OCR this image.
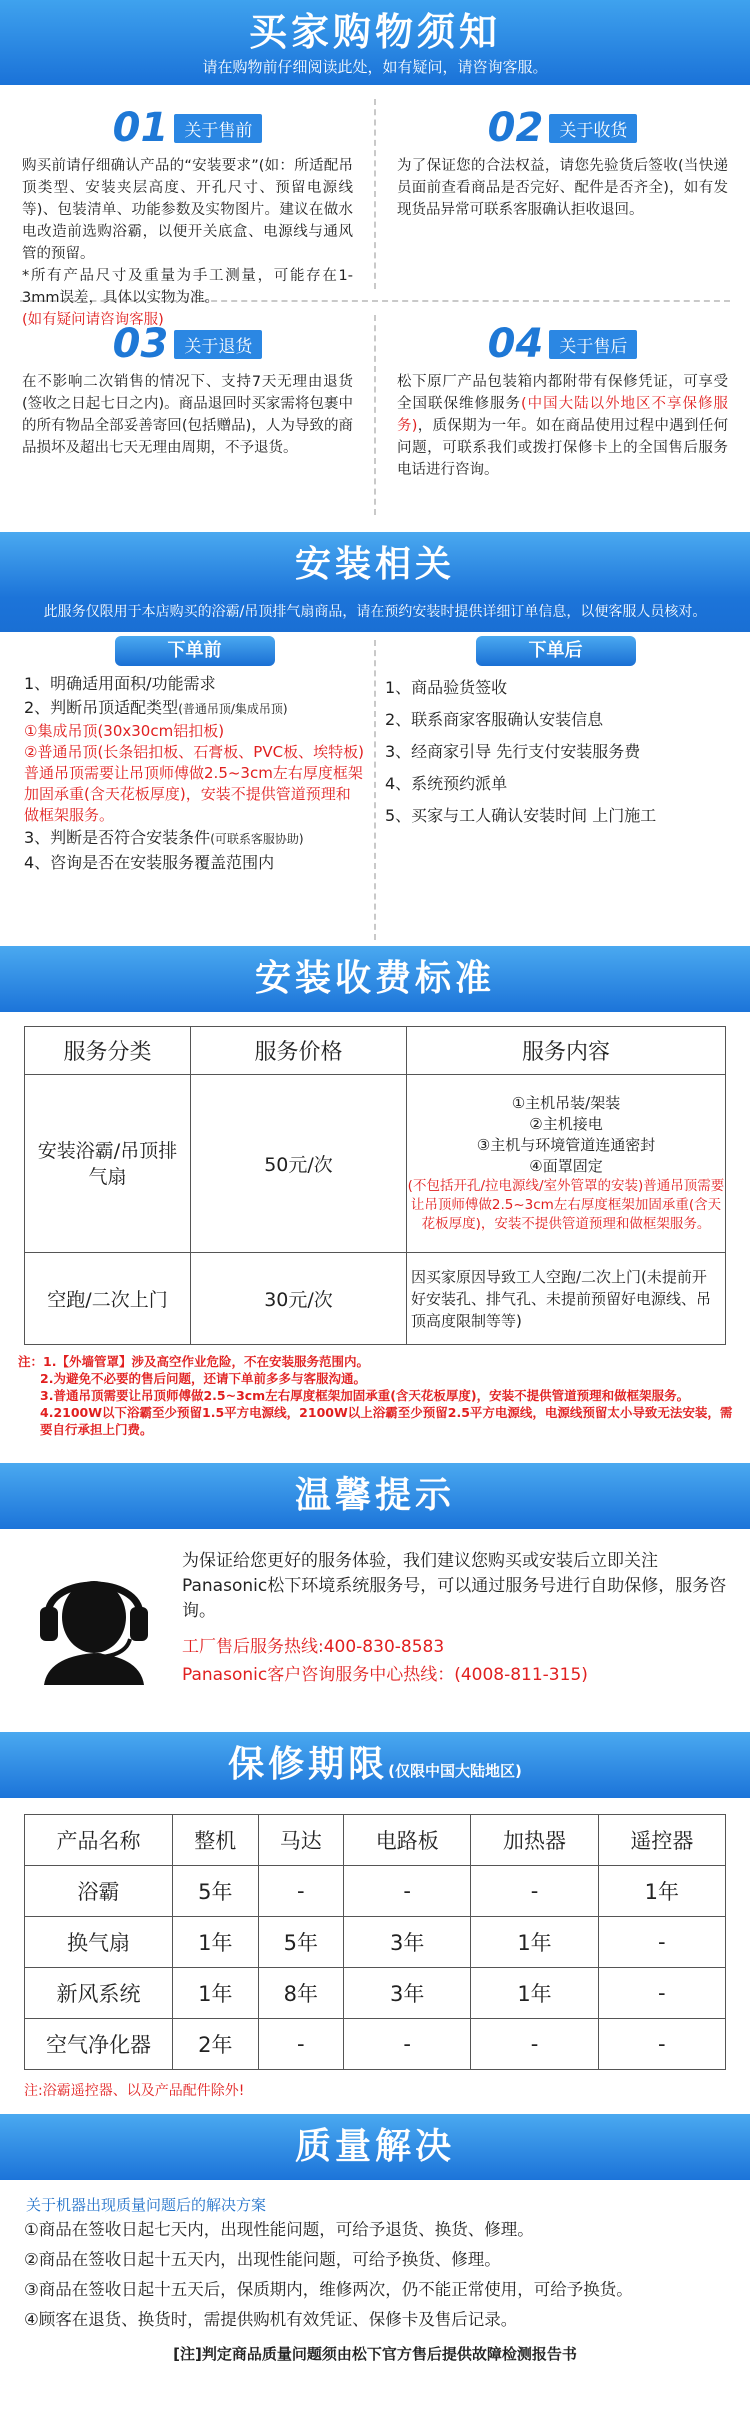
买家购物须知
请在购物前仔细阅读此处，如有疑问，请咨询客服。
01 关于售前

购买前请仔细确认产品的“安装要求”(如：所适配吊顶类型、安装夹层高度、开孔尺寸、预留电源线等)、包装清单、功能参数及实物图片。建议在做水电改造前选购浴霸，以便开关底盒、电源线与通风管的预留。

*所有产品尺寸及重量为手工测量，可能存在1-3mm误差，具体以实物为准。

(如有疑问请咨询客服)

02 关于收货

为了保证您的合法权益，请您先验货后签收(当快递员面前查看商品是否完好、配件是否齐全)，如有发现货品异常可联系客服确认拒收退回。

03 关于退货

在不影响二次销售的情况下、支持7天无理由退货(签收之日起七日之内)。商品退回时买家需将包裹中的所有物品全部妥善寄回(包括赠品)，人为导致的商品损坏及超出七天无理由周期，不予退货。

04 关于售后

松下原厂产品包装箱内都附带有保修凭证，可享受全国联保维修服务(中国大陆以外地区不享保修服务)，质保期为一年。如在商品使用过程中遇到任何问题，可联系我们或拨打保修卡上的全国售后服务电话进行咨询。

安装相关
此服务仅限用于本店购买的浴霸/吊顶排气扇商品，请在预约安装时提供详细订单信息，以便客服人员核对。
下单前

1、明确适用面积/功能需求

2、判断吊顶适配类型(普通吊顶/集成吊顶)

①集成吊顶(30x30cm铝扣板)

②普通吊顶(长条铝扣板、石膏板、PVC板、埃特板)

普通吊顶需要让吊顶师傅做2.5~3cm左右厚度框架加固承重(含天花板厚度)，安装不提供管道预理和做框架服务。

3、判断是否符合安装条件(可联系客服协助)

4、咨询是否在安装服务覆盖范围内

下单后

1、商品验货签收

2、联系商家客服确认安装信息

3、经商家引导 先行支付安装服务费

4、系统预约派单

5、买家与工人确认安装时间 上门施工

安装收费标准
服务分类	服务价格	服务内容
安装浴霸/吊顶排气扇	50元/次	①主机吊装/架装
②主机接电
③主机与环境管道连通密封
④面罩固定
(不包括开孔/拉电源线/室外管罩的安装)普通吊顶需要让吊顶师傅做2.5~3cm左右厚度框架加固承重(含天花板厚度)，安装不提供管道预理和做框架服务。

空跑/二次上门	30元/次	因买家原因导致工人空跑/二次上门(未提前开好安装孔、排气孔、未提前预留好电源线、吊顶高度限制等等)
注：1.【外墙管罩】涉及高空作业危险，不在安装服务范围内。
2.为避免不必要的售后问题，还请下单前多多与客服沟通。
3.普通吊顶需要让吊顶师傅做2.5~3cm左右厚度框架加固承重(含天花板厚度)，安装不提供管道预理和做框架服务。
4.2100W以下浴霸至少预留1.5平方电源线，2100W以上浴霸至少预留2.5平方电源线，电源线预留太小导致无法安装，需要自行承担上门费。
温馨提示

为保证给您更好的服务体验，我们建议您购买或安装后立即关注Panasonic松下环境系统服务号，可以通过服务号进行自助保修，服务咨询。

工厂售后服务热线:400-830-8583

Panasonic客户咨询服务中心热线：(4008-811-315)

保修期限(仅限中国大陆地区)
产品名称	整机	马达	电路板	加热器	遥控器
浴霸	5年	-	-	-	1年
换气扇	1年	5年	3年	1年	-
新风系统	1年	8年	3年	1年	-
空气净化器	2年	-	-	-	-
注:浴霸遥控器、以及产品配件除外!
质量解决
关于机器出现质量问题后的解决方案
①商品在签收日起七天内，出现性能问题，可给予退货、换货、修理。
②商品在签收日起十五天内，出现性能问题，可给予换货、修理。
③商品在签收日起十五天后，保质期内，维修两次，仍不能正常使用，可给予换货。
④顾客在退货、换货时，需提供购机有效凭证、保修卡及售后记录。
[注]判定商品质量问题须由松下官方售后提供故障检测报告书
